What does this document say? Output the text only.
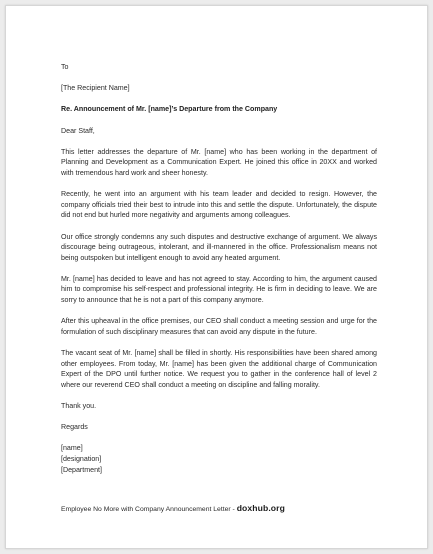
To

[The Recipient Name]

Re. Announcement of Mr. [name]’s Departure from the Company

Dear Staff,

This letter addresses the departure of Mr. [name] who has been working in the department of Planning and Development as a Communication Expert. He joined this office in 20XX and worked with tremendous hard work and sheer honesty.

Recently, he went into an argument with his team leader and decided to resign. However, the company officials tried their best to intrude into this and settle the dispute. Unfortunately, the dispute did not end but hurled more negativity and arguments among colleagues.

Our office strongly condemns any such disputes and destructive exchange of argument. We always discourage being outrageous, intolerant, and ill-mannered in the office. Professionalism means not being outspoken but intelligent enough to avoid any heated argument.

Mr. [name] has decided to leave and has not agreed to stay. According to him, the argument caused him to compromise his self-respect and professional integrity. He is firm in deciding to leave. We are sorry to announce that he is not a part of this company anymore.

After this upheaval in the office premises, our CEO shall conduct a meeting session and urge for the formulation of such disciplinary measures that can avoid any dispute in the future.

The vacant seat of Mr. [name] shall be filled in shortly. His responsibilities have been shared among other employees. From today, Mr. [name] has been given the additional charge of Communication Expert of the DPO until further notice. We request you to gather in the conference hall of level 2 where our reverend CEO shall conduct a meeting on discipline and falling morality.

Thank you.

Regards

[name]

[designation]

[Department]

Employee No More with Company Announcement Letter - doxhub.org
